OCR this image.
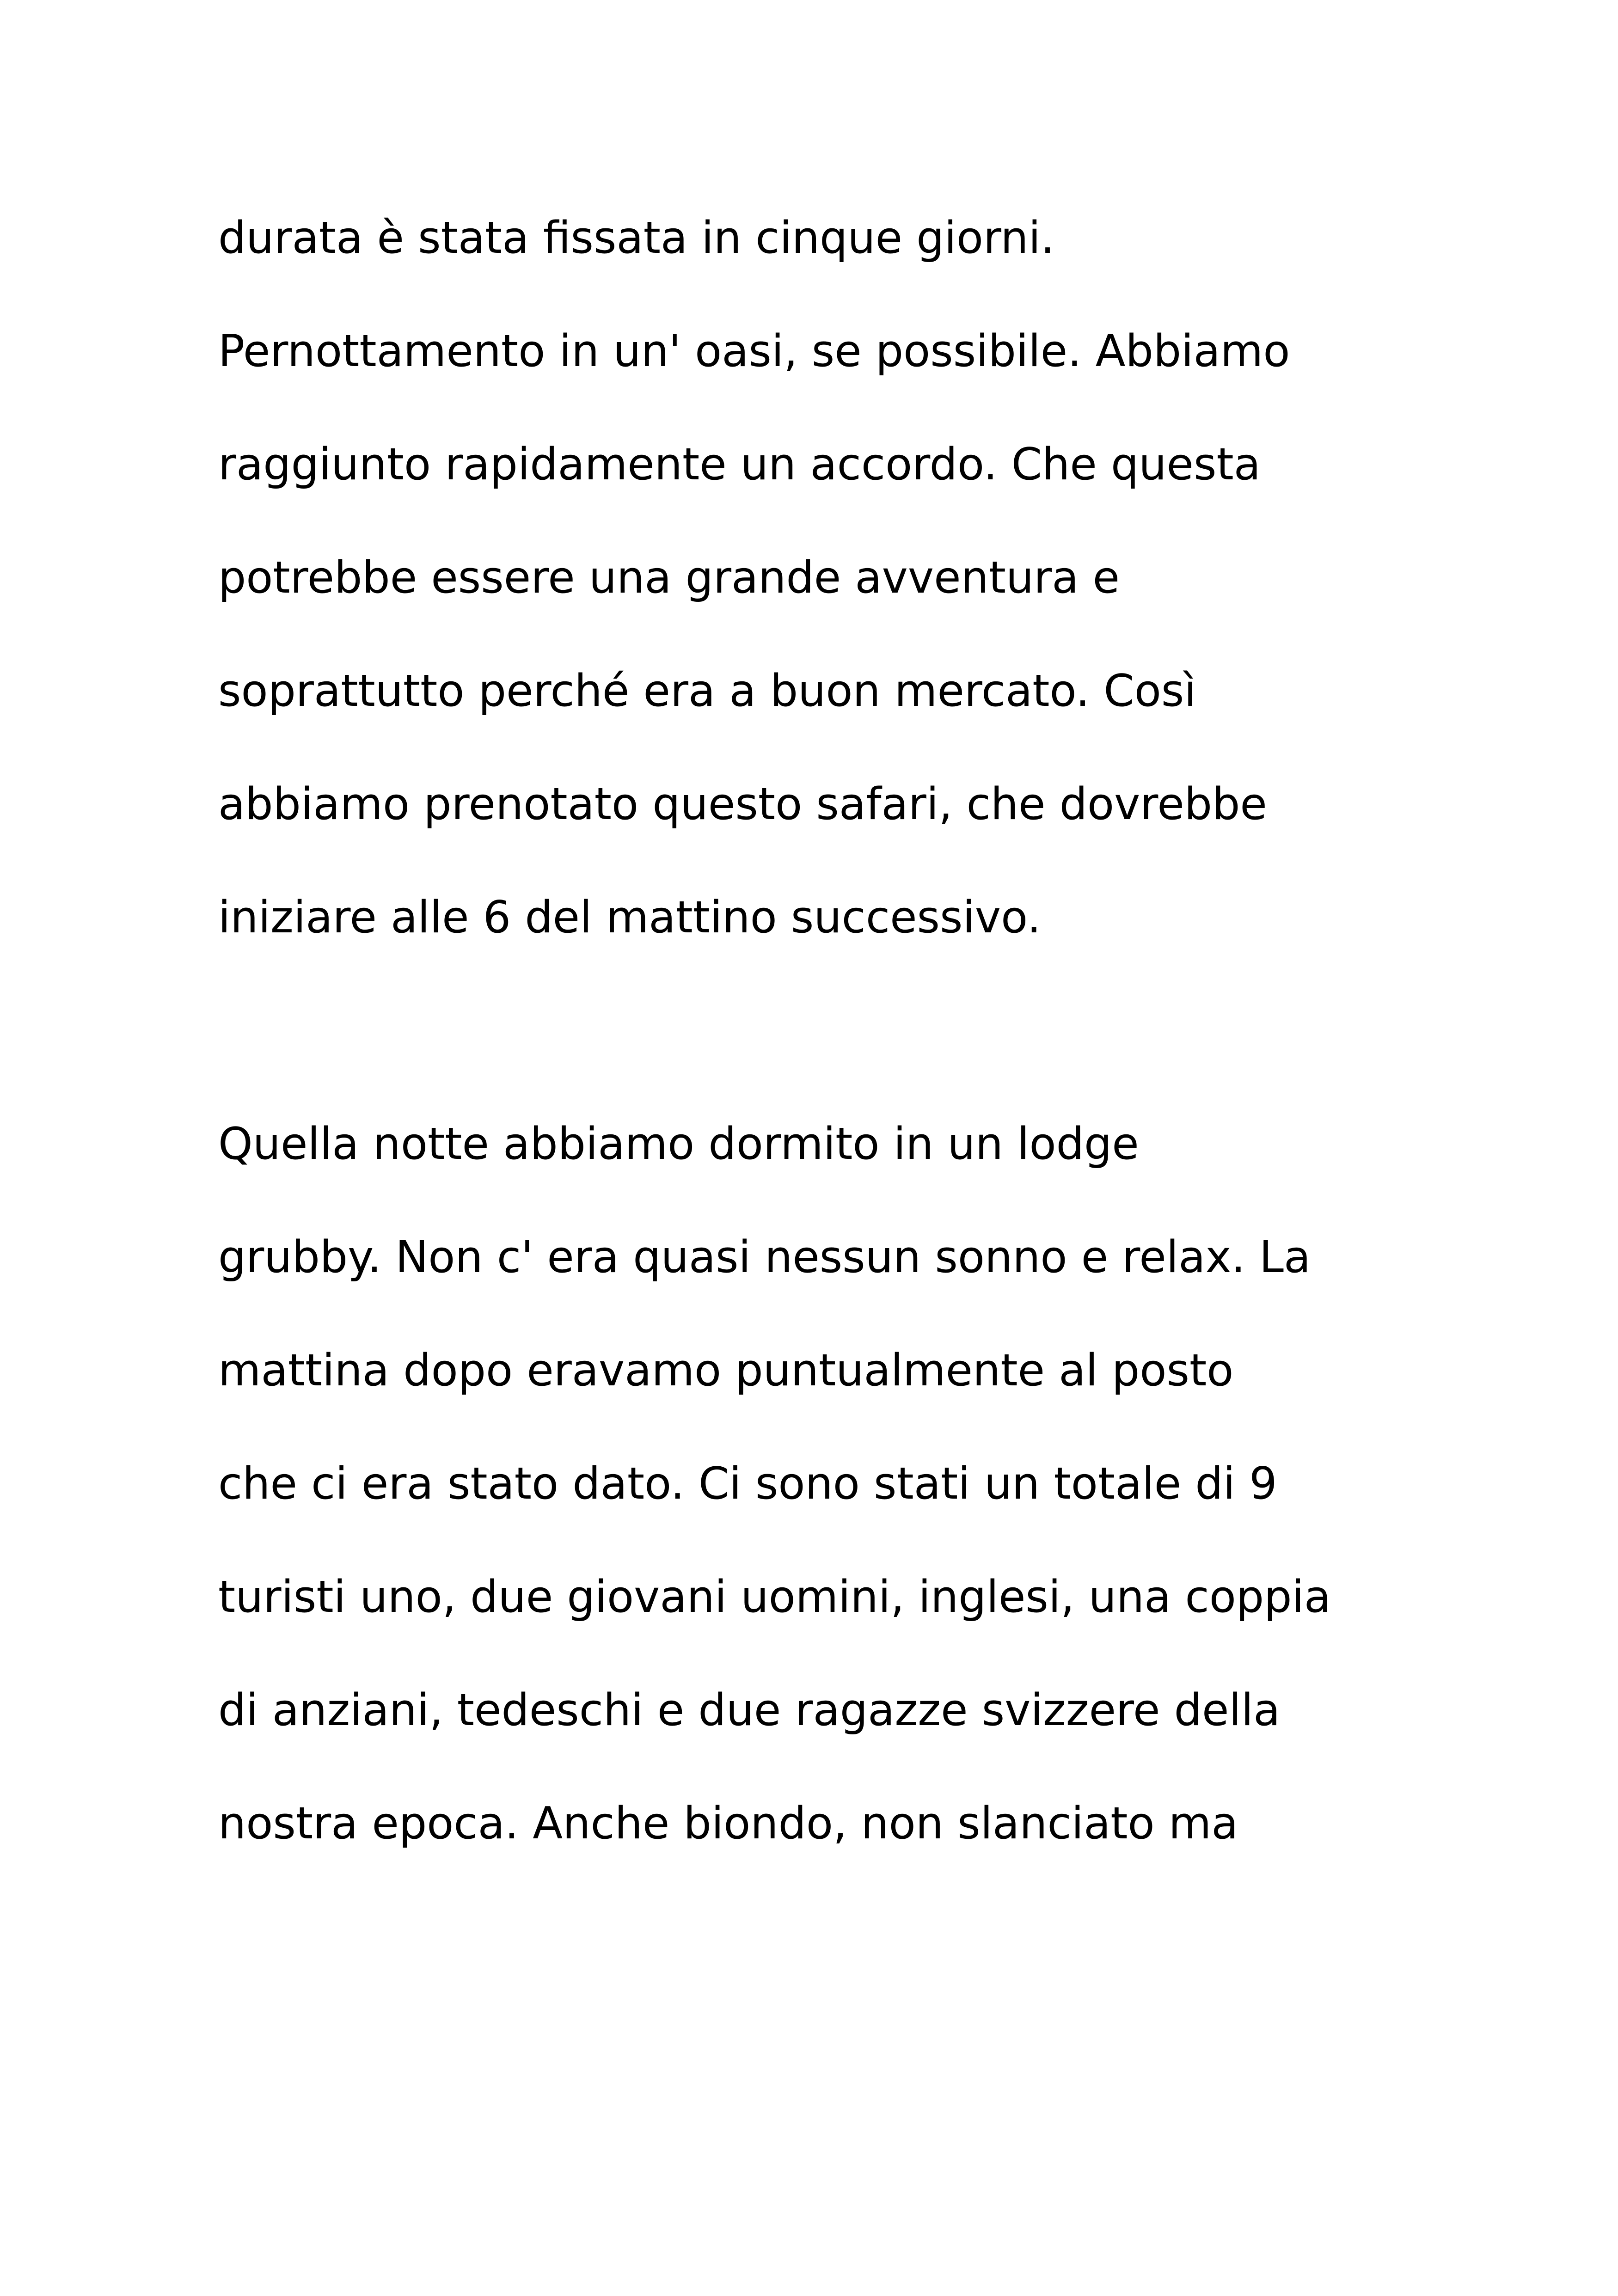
durata è stata fissata in cinque giorni.

Pernottamento in un' oasi, se possibile. Abbiamo

raggiunto rapidamente un accordo. Che questa

potrebbe essere una grande avventura e

soprattutto perché era a buon mercato. Così

abbiamo prenotato questo safari, che dovrebbe

iniziare alle 6 del mattino successivo.

Quella notte abbiamo dormito in un lodge

grubby. Non c' era quasi nessun sonno e relax. La

mattina dopo eravamo puntualmente al posto

che ci era stato dato. Ci sono stati un totale di 9

turisti uno, due giovani uomini, inglesi, una coppia

di anziani, tedeschi e due ragazze svizzere della

nostra epoca. Anche biondo, non slanciato ma
